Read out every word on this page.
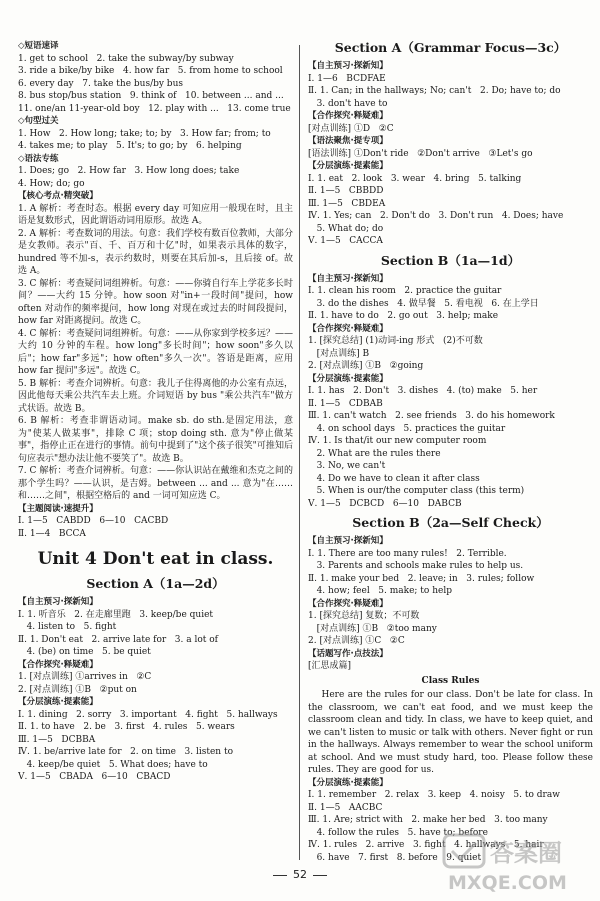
◇短语速译
1. get to school   2. take the subway/by subway
3. ride a bike/by bike   4. how far   5. from home to school
6. every day   7. take the bus/by bus
8. bus stop/bus station   9. think of   10. between ... and ...
11. one/an 11-year-old boy   12. play with ...   13. come true
◇句型过关
1. How   2. How long; take; to; by   3. How far; from; to
4. takes me; to play   5. It's; to go; by   6. helping
◇语法专练
1. Does; go   2. How far   3. How long does; take
4. How; do; go
【核心考点·精突破】
1. A 解析：考查时态。根据 every day 可知应用一般现在时，且主语是复数形式，因此谓语动词用原形。故选 A。
2. A 解析：考查数词的用法。句意：我们学校有数百位教师，大部分是女教师。表示"百、千、百万和十亿"时，如果表示具体的数字，hundred 等不加-s，表示约数时，则要在其后加-s，且后接 of。故选 A。
3. C 解析：考查疑问词组辨析。句意：——你骑自行车上学花多长时间？——大约 15 分钟。how soon 对"in+一段时间"提问，how often 对动作的频率提问，how long 对现在或过去的时间段提问，how far 对距离提问。故选 C。
4. C 解析：考查疑问词组辨析。句意：——从你家到学校多远？——大约 10 分钟的车程。how long"多长时间"；how soon"多久以后"；how far"多远"；how often"多久一次"。答语是距离，应用 how far 提问"多远"。故选 C。
5. B 解析：考查介词辨析。句意：我儿子住得离他的办公室有点远，因此他每天乘公共汽车去上班。介词短语 by bus "乘公共汽车"做方式状语。故选 B。
6. B 解析：考查非谓语动词。make sb. do sth.是固定用法，意为"使某人做某事"，排除 C 项；stop doing sth. 意为"停止做某事"，指停止正在进行的事情。前句中提到了"这个孩子很笑"可推知后句应表示"想办法让他不要笑了"。故选 B。
7. C 解析：考查介词辨析。句意：——你认识站在戴维和杰克之间的那个学生吗？——认识，是吉姆。between ... and ... 意为"在……和……之间"，根据空格后的 and 一词可知应选 C。
【主题阅读·速提升】
Ⅰ. 1—5   CABDD   6—10   CACBD
Ⅱ. 1—4   BCCA
Unit 4 Don't eat in class.
Section A（1a—2d）
【自主预习·探新知】
Ⅰ. 1. 听音乐   2. 在走廊里跑   3. keep/be quiet
4. listen to   5. fight
Ⅱ. 1. Don't eat   2. arrive late for   3. a lot of
4. (be) on time   5. be quiet
【合作探究·释疑难】
1. [对点训练] ①arrives in   ②C
2. [对点训练] ①B   ②put on
【分层演练·提素能】
Ⅰ. 1. dining   2. sorry   3. important   4. fight   5. hallways
Ⅱ. 1. to have   2. be   3. first   4. rules   5. wears
Ⅲ. 1—5   DCBBA
Ⅳ. 1. be/arrive late for   2. on time   3. listen to
4. keep/be quiet   5. What does; have to
Ⅴ. 1—5   CBADA   6—10   CBACD
Section A（Grammar Focus—3c）
【自主预习·探新知】
Ⅰ. 1—6   BCDFAE
Ⅱ. 1. Can; in the hallways; No; can't   2. Do; have to; do
3. don't have to
【合作探究·释疑难】
[对点训练] ①D   ②C
【语法聚焦·提专项】
[语法训练] ①Don't ride   ②Don't arrive   ③Let's go
【分层演练·提素能】
Ⅰ. 1. eat   2. look   3. wear   4. bring   5. talking
Ⅱ. 1—5   CBBDD
Ⅲ. 1—5   CBDEA
Ⅳ. 1. Yes; can   2. Don't do   3. Don't run   4. Does; have
5. What do; do
Ⅴ. 1—5   CACCA
Section B（1a—1d）
【自主预习·探新知】
Ⅰ. 1. clean his room   2. practice the guitar
3. do the dishes   4. 做早餐   5. 看电视   6. 在上学日
Ⅱ. 1. have to do   2. go out   3. help; make
【合作探究·释疑难】
1. [探究总结] (1)动词-ing 形式   (2)不可数
[对点训练] B
2. [对点训练] ①B   ②going
【分层演练·提素能】
Ⅰ. 1. has   2. Don't   3. dishes   4. (to) make   5. her
Ⅱ. 1—5   CDBAB
Ⅲ. 1. can't watch   2. see friends   3. do his homework
4. on school days   5. practices the guitar
Ⅳ. 1. Is that/it our new computer room
2. What are the rules there
3. No, we can't
4. Do we have to clean it after class
5. When is our/the computer class (this term)
Ⅴ. 1—5   DCBCD   6—10   DABCB
Section B（2a—Self Check）
【自主预习·探新知】
Ⅰ. 1. There are too many rules!   2. Terrible.
3. Parents and schools make rules to help us.
Ⅱ. 1. make your bed   2. leave; in   3. rules; follow
4. how; feel   5. make; to help
【合作探究·释疑难】
1. [探究总结] 复数；不可数
[对点训练] ①B   ②too many
2. [对点训练] ①C   ②C
【话题写作·点技法】
[汇思成篇]
Class Rules
Here are the rules for our class. Don't be late for class. In the classroom, we can't eat food, and we must keep the classroom clean and tidy. In class, we have to keep quiet, and we can't listen to music or talk with others. Never fight or run in the hallways. Always remember to wear the school uniform at school. And we must study hard, too. Please follow these rules. They are good for us.
【分层演练·提素能】
Ⅰ. 1. remember   2. relax   3. keep   4. noisy   5. to draw
Ⅱ. 1—5   AACBC
Ⅲ. 1. Are; strict with   2. make her bed   3. too many
4. follow the rules   5. have to; before
Ⅳ. 1. rules   2. arrive   3. fight   4. hallways   5. hair
6. have   7. first   8. before   9. quiet
52
答案圈
MXQE.COM
